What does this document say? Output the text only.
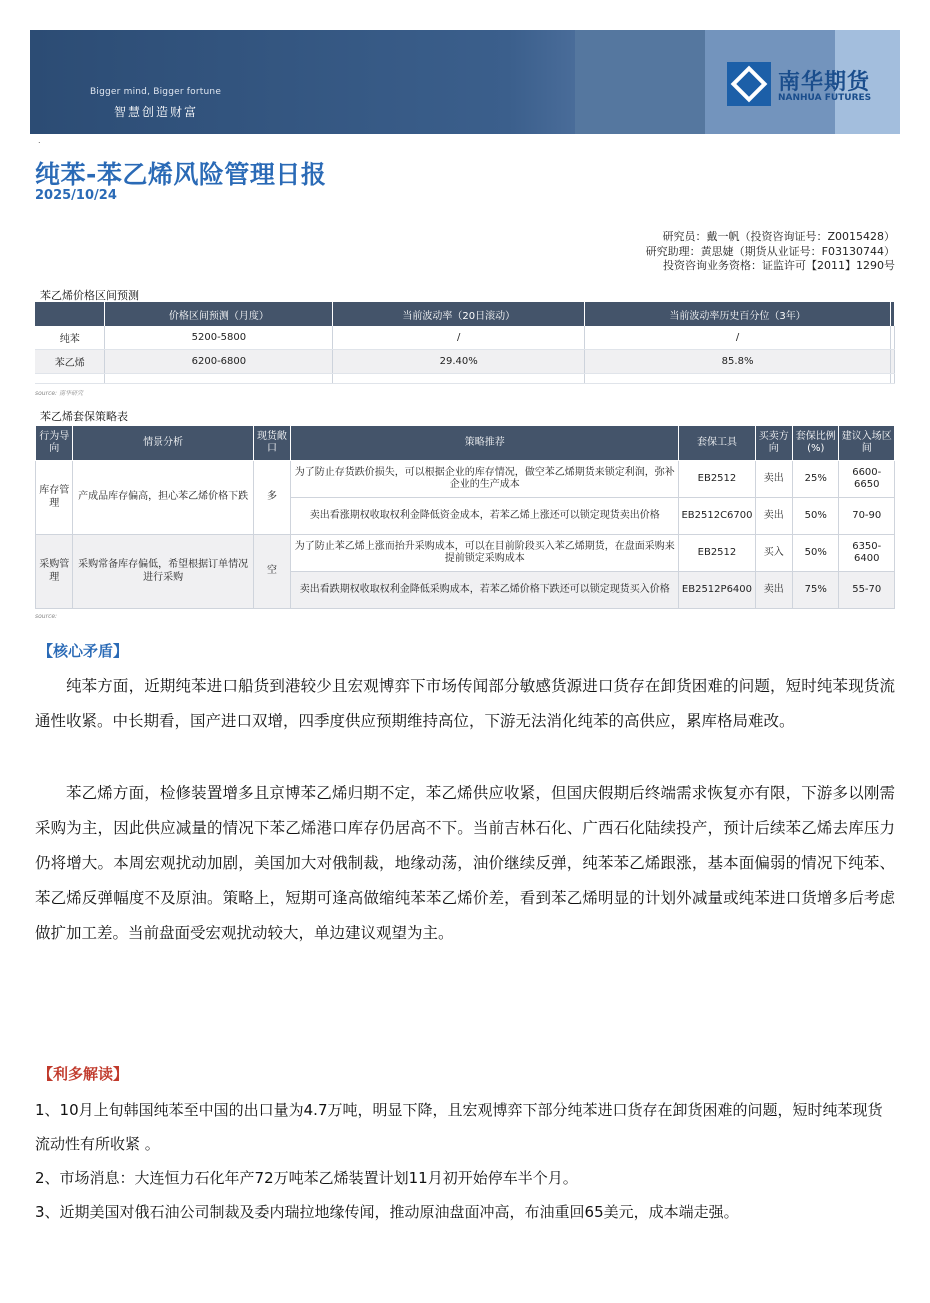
Bigger mind, Bigger fortune
智慧创造财富
南华期货
NANHUA FUTURES
.
纯苯-苯乙烯风险管理日报
2025/10/24
研究员：戴一帆（投资咨询证号：Z0015428）
研究助理：黄思婕（期货从业证号：F03130744）
投资咨询业务资格：证监许可【2011】1290号
苯乙烯价格区间预测
	价格区间预测（月度）	当前波动率（20日滚动）	当前波动率历史百分位（3年）	
纯苯	5200-5800	/	/	
苯乙烯	6200-6800	29.40%	85.8%	

source: 南华研究
苯乙烯套保策略表
行为导向	情景分析	现货敞口	策略推荐	套保工具	买卖方向	套保比例(%)	建议入场区间
库存管理	产成品库存偏高，担心苯乙烯价格下跌	多	为了防止存货跌价损失，可以根据企业的库存情况，做空苯乙烯期货来锁定利润，弥补企业的生产成本	EB2512	卖出	25%	6600-6650
			卖出看涨期权收取权利金降低资金成本，若苯乙烯上涨还可以锁定现货卖出价格	EB2512C6700	卖出	50%	70-90
采购管理	采购常备库存偏低，希望根据订单情况进行采购	空	为了防止苯乙烯上涨而抬升采购成本，可以在目前阶段买入苯乙烯期货，在盘面采购来提前锁定采购成本	EB2512	买入	50%	6350-6400
			卖出看跌期权收取权利金降低采购成本，若苯乙烯价格下跌还可以锁定现货买入价格	EB2512P6400	卖出	75%	55-70
source:
【核心矛盾】

纯苯方面，近期纯苯进口船货到港较少且宏观博弈下市场传闻部分敏感货源进口货存在卸货困难的问题，短时纯苯现货流通性收紧。中长期看，国产进口双增，四季度供应预期维持高位，下游无法消化纯苯的高供应，累库格局难改。

苯乙烯方面，检修装置增多且京博苯乙烯归期不定，苯乙烯供应收紧，但国庆假期后终端需求恢复亦有限，下游多以刚需采购为主，因此供应减量的情况下苯乙烯港口库存仍居高不下。当前吉林石化、广西石化陆续投产，预计后续苯乙烯去库压力仍将增大。本周宏观扰动加剧，美国加大对俄制裁，地缘动荡，油价继续反弹，纯苯苯乙烯跟涨，基本面偏弱的情况下纯苯、苯乙烯反弹幅度不及原油。策略上，短期可逢高做缩纯苯苯乙烯价差，看到苯乙烯明显的计划外减量或纯苯进口货增多后考虑做扩加工差。当前盘面受宏观扰动较大，单边建议观望为主。

【利多解读】

1、10月上旬韩国纯苯至中国的出口量为4.7万吨，明显下降，且宏观博弈下部分纯苯进口货存在卸货困难的问题，短时纯苯现货流动性有所收紧 。

2、市场消息：大连恒力石化年产72万吨苯乙烯装置计划11月初开始停车半个月。

3、近期美国对俄石油公司制裁及委内瑞拉地缘传闻，推动原油盘面冲高，布油重回65美元，成本端走强。
